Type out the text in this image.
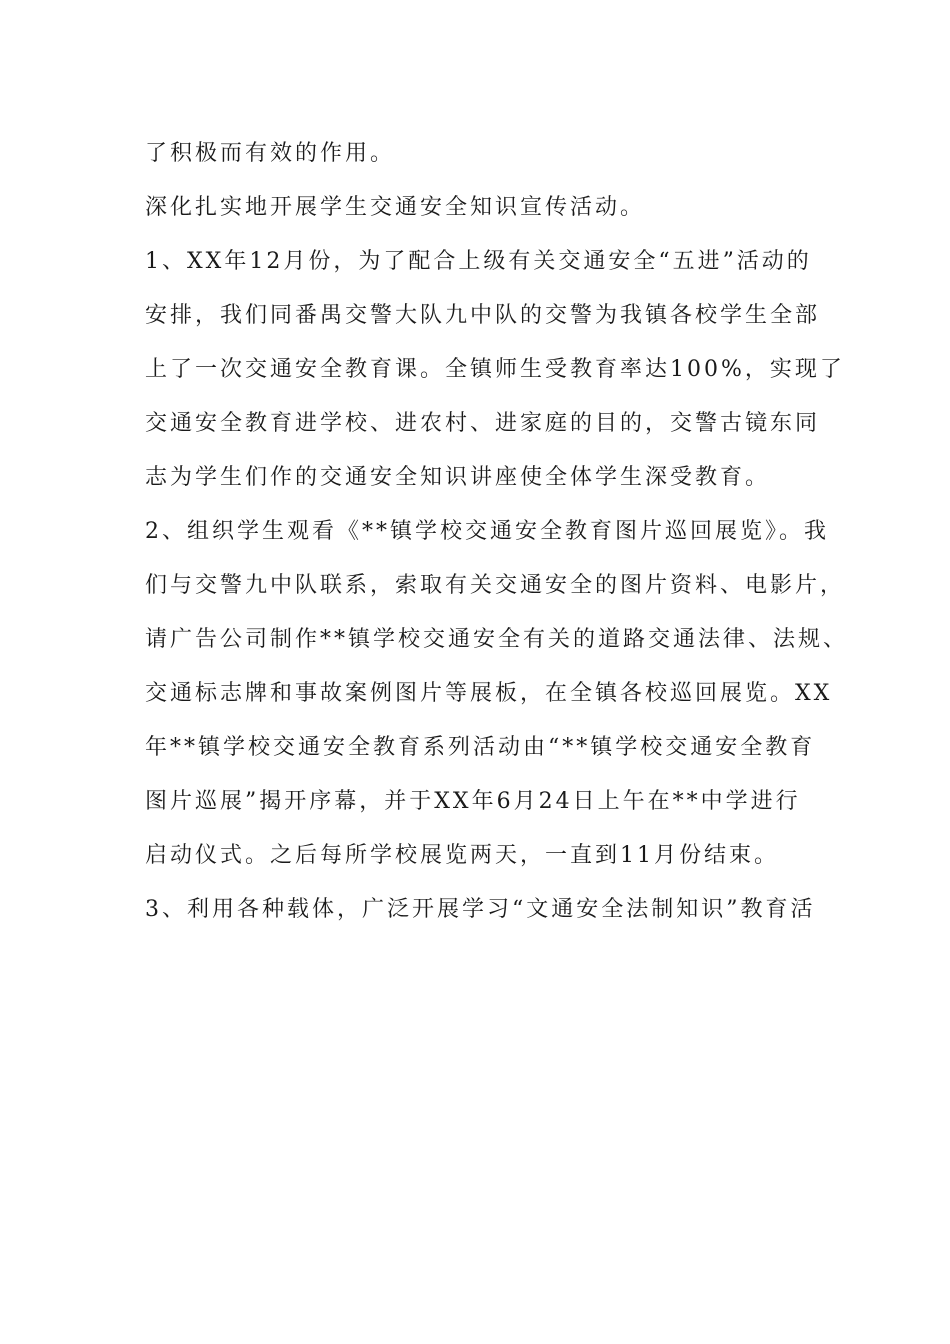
了积极而有效的作用。
深化扎实地开展学生交通安全知识宣传活动。
1、XX年12月份，为了配合上级有关交通安全“五进”活动的
安排，我们同番禺交警大队九中队的交警为我镇各校学生全部
上了一次交通安全教育课。全镇师生受教育率达100%，实现了
交通安全教育进学校、进农村、进家庭的目的，交警古镜东同
志为学生们作的交通安全知识讲座使全体学生深受教育。
2、组织学生观看《**镇学校交通安全教育图片巡回展览》。我
们与交警九中队联系，索取有关交通安全的图片资料、电影片，
请广告公司制作**镇学校交通安全有关的道路交通法律、法规、
交通标志牌和事故案例图片等展板，在全镇各校巡回展览。XX
年**镇学校交通安全教育系列活动由“**镇学校交通安全教育
图片巡展”揭开序幕，并于XX年6月24日上午在**中学进行
启动仪式。之后每所学校展览两天，一直到11月份结束。
3、利用各种载体，广泛开展学习“文通安全法制知识”教育活
